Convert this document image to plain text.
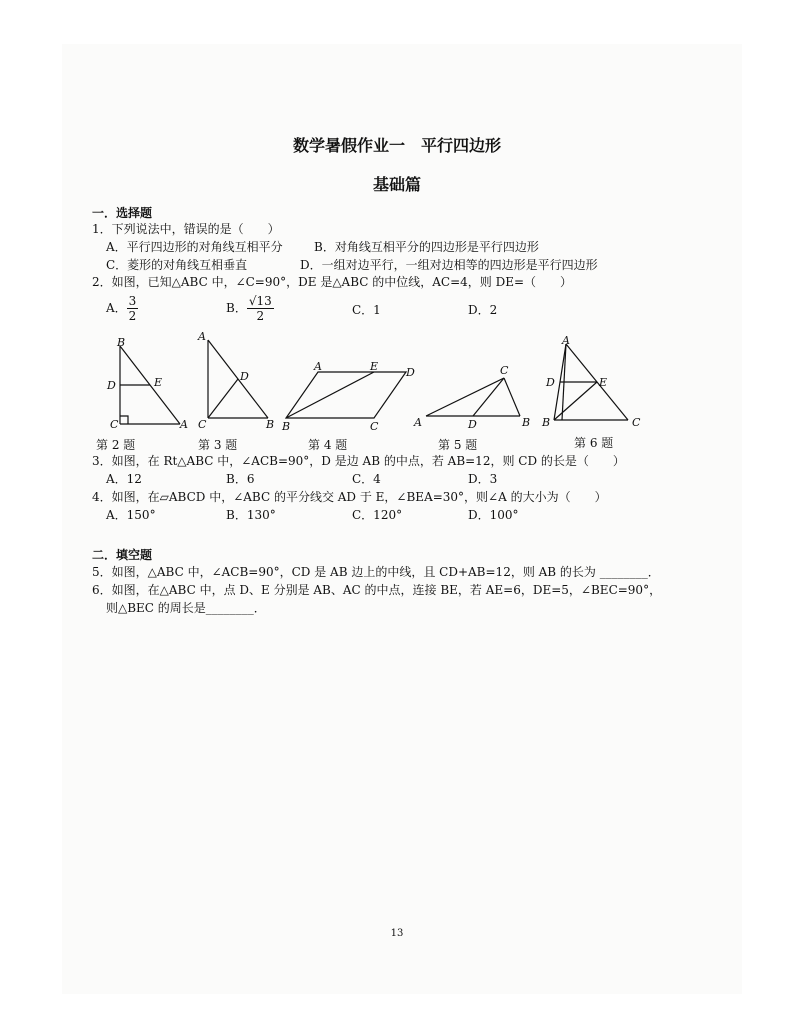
数学暑假作业一　平行四边形
基础篇
一．选择题
1．下列说法中，错误的是（　　）
A．平行四边形的对角线互相平分	B．对角线互相平分的四边形是平行四边形
C．菱形的对角线互相垂直	D．一组对边平行，一组对边相等的四边形是平行四边形
2．如图，已知△ABC 中，∠C=90°，DE 是△ABC 的中位线，AC=4，则 DE=（　　）
A． $\frac{3}{2}$	B． $\frac{√13}{2}$	C．1	D．2
B
D	E
C	A
第 2 题
A
D
C	B
第 3 题
A	E	D
B	C
第 4 题
C
A	D	B
第 5 题
A
D	E
B	C
第 6 题
3．如图，在 Rt△ABC 中，∠ACB=90°，D 是边 AB 的中点，若 AB=12，则 CD 的长是（　　）
A．12	B．6	C．4	D．3
4．如图，在▱ABCD 中，∠ABC 的平分线交 AD 于 E，∠BEA=30°，则∠A 的大小为（　　）
A．150°	B．130°	C．120°	D．100°
二．填空题
5．如图，△ABC 中，∠ACB=90°，CD 是 AB 边上的中线，且 CD+AB=12，则 AB 的长为 ________．
6．如图，在△ABC 中，点 D、E 分别是 AB、AC 的中点，连接 BE，若 AE=6，DE=5，∠BEC=90°，
则△BEC 的周长是________．
13
